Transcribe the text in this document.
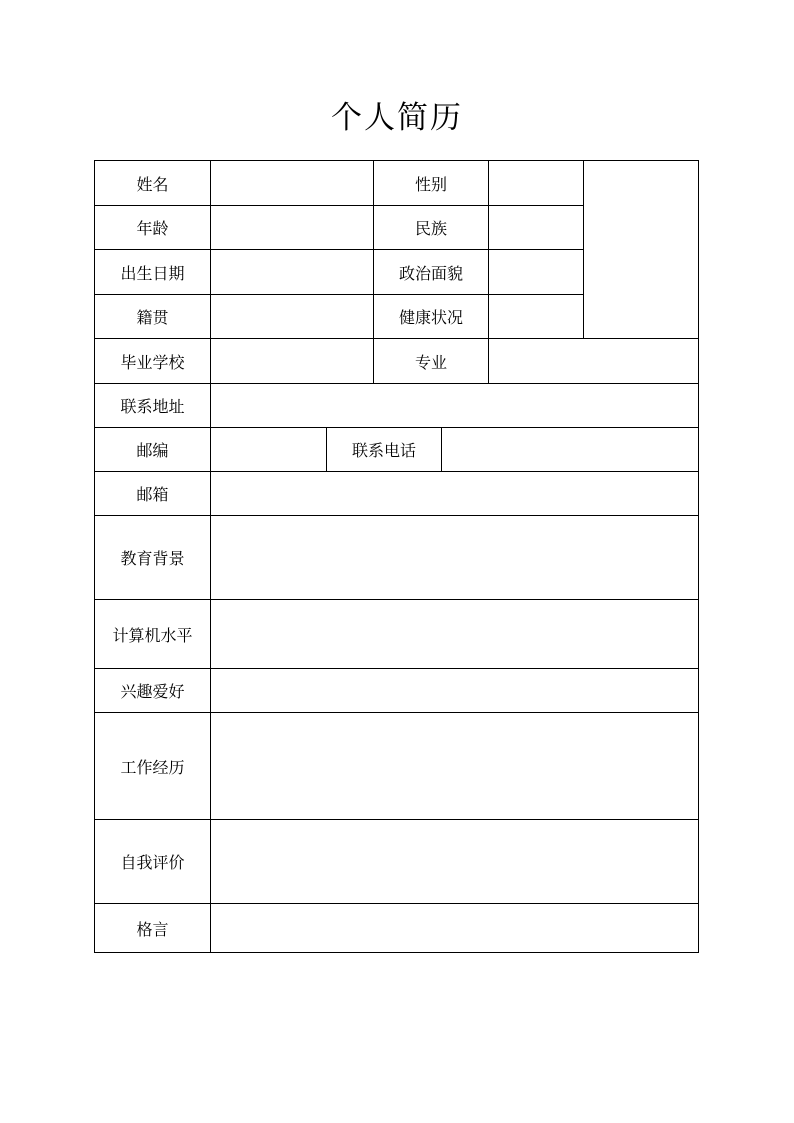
个人简历
姓名	性别
年龄	民族
出生日期	政治面貌
籍贯	健康状况
毕业学校	专业
联系地址
邮编	联系电话
邮箱
教育背景
计算机水平
兴趣爱好
工作经历
自我评价
格言
